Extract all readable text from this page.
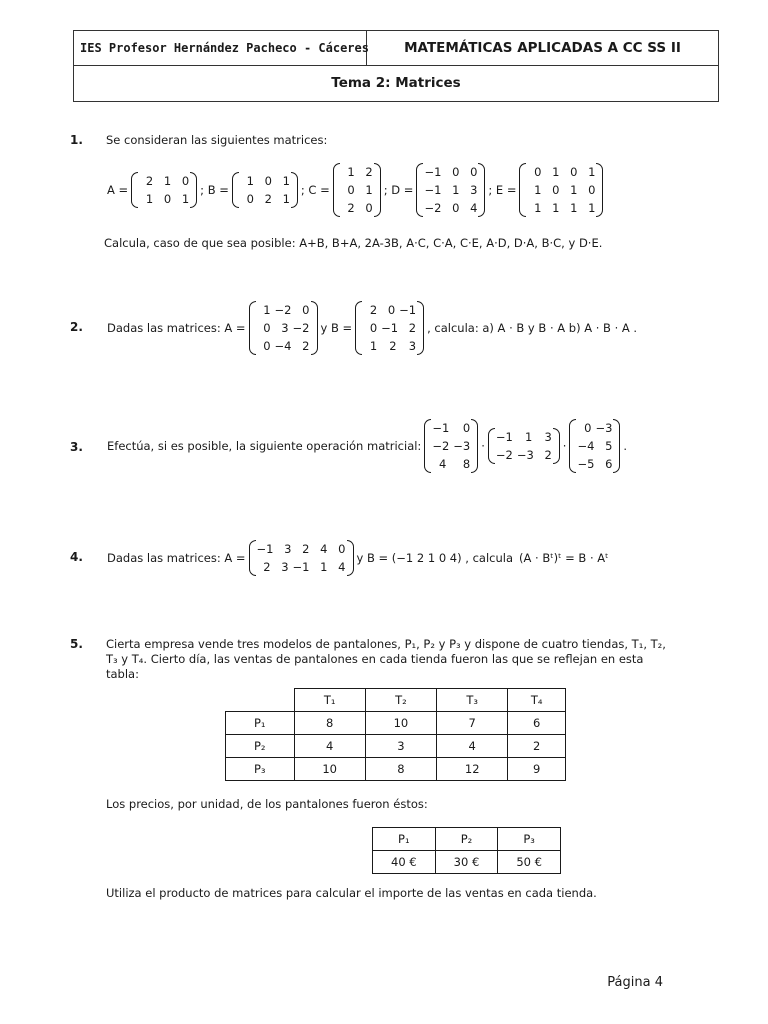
IES Profesor Hernández Pacheco - Cáceres	MATEMÁTICAS APLICADAS A CC SS II
Tema 2: Matrices
1. Se consideran las siguientes matrices:
A =
2 1 0
1 0 1
; B =
1 0 1
0 2 1
; C =
1 2
0 1
2 0
; D =
−1 0 0
−1 1 3
−2 0 4
; E =
0 1 0 1
1 0 1 0
1 1 1 1
Calcula, caso de que sea posible: A+B, B+A, 2A-3B, A·C, C·A, C·E, A·D, D·A, B·C, y D·E.
2. Dadas las matrices: A =
1 −2 0
0 3 −2
0 −4 2
y B =
2 0 −1
0 −1 2
1	2	3
, calcula: a) A · B y B · A b) A · B · A .
3. Efectúa, si es posible, la siguiente operación matricial:
−1	0
−2 −3
4	8
·
−1	1	3
−2 −3 2
·
0 −3
−4 5
−5 6
.
4. Dadas las matrices: A =
−1 3 2 4 0
2 3 −1 1 4
y B = (−1 2 1 0 4) , calcula (A · Bᵗ)ᵗ = B · Aᵗ
5. Cierta empresa vende tres modelos de pantalones, P₁, P₂ y P₃ y dispone de cuatro tiendas, T₁, T₂,
T₃ y T₄. Cierto día, las ventas de pantalones en cada tienda fueron las que se reflejan en esta
tabla:
	T₁	T₂	T₃	T₄
P₁	8	10	7	6
P₂	4	3	4	2
P₃	10	8	12	9
Los precios, por unidad, de los pantalones fueron éstos:
P₁	P₂	P₃
40 €	30 €	50 €
Utiliza el producto de matrices para calcular el importe de las ventas en cada tienda.
Página 4
